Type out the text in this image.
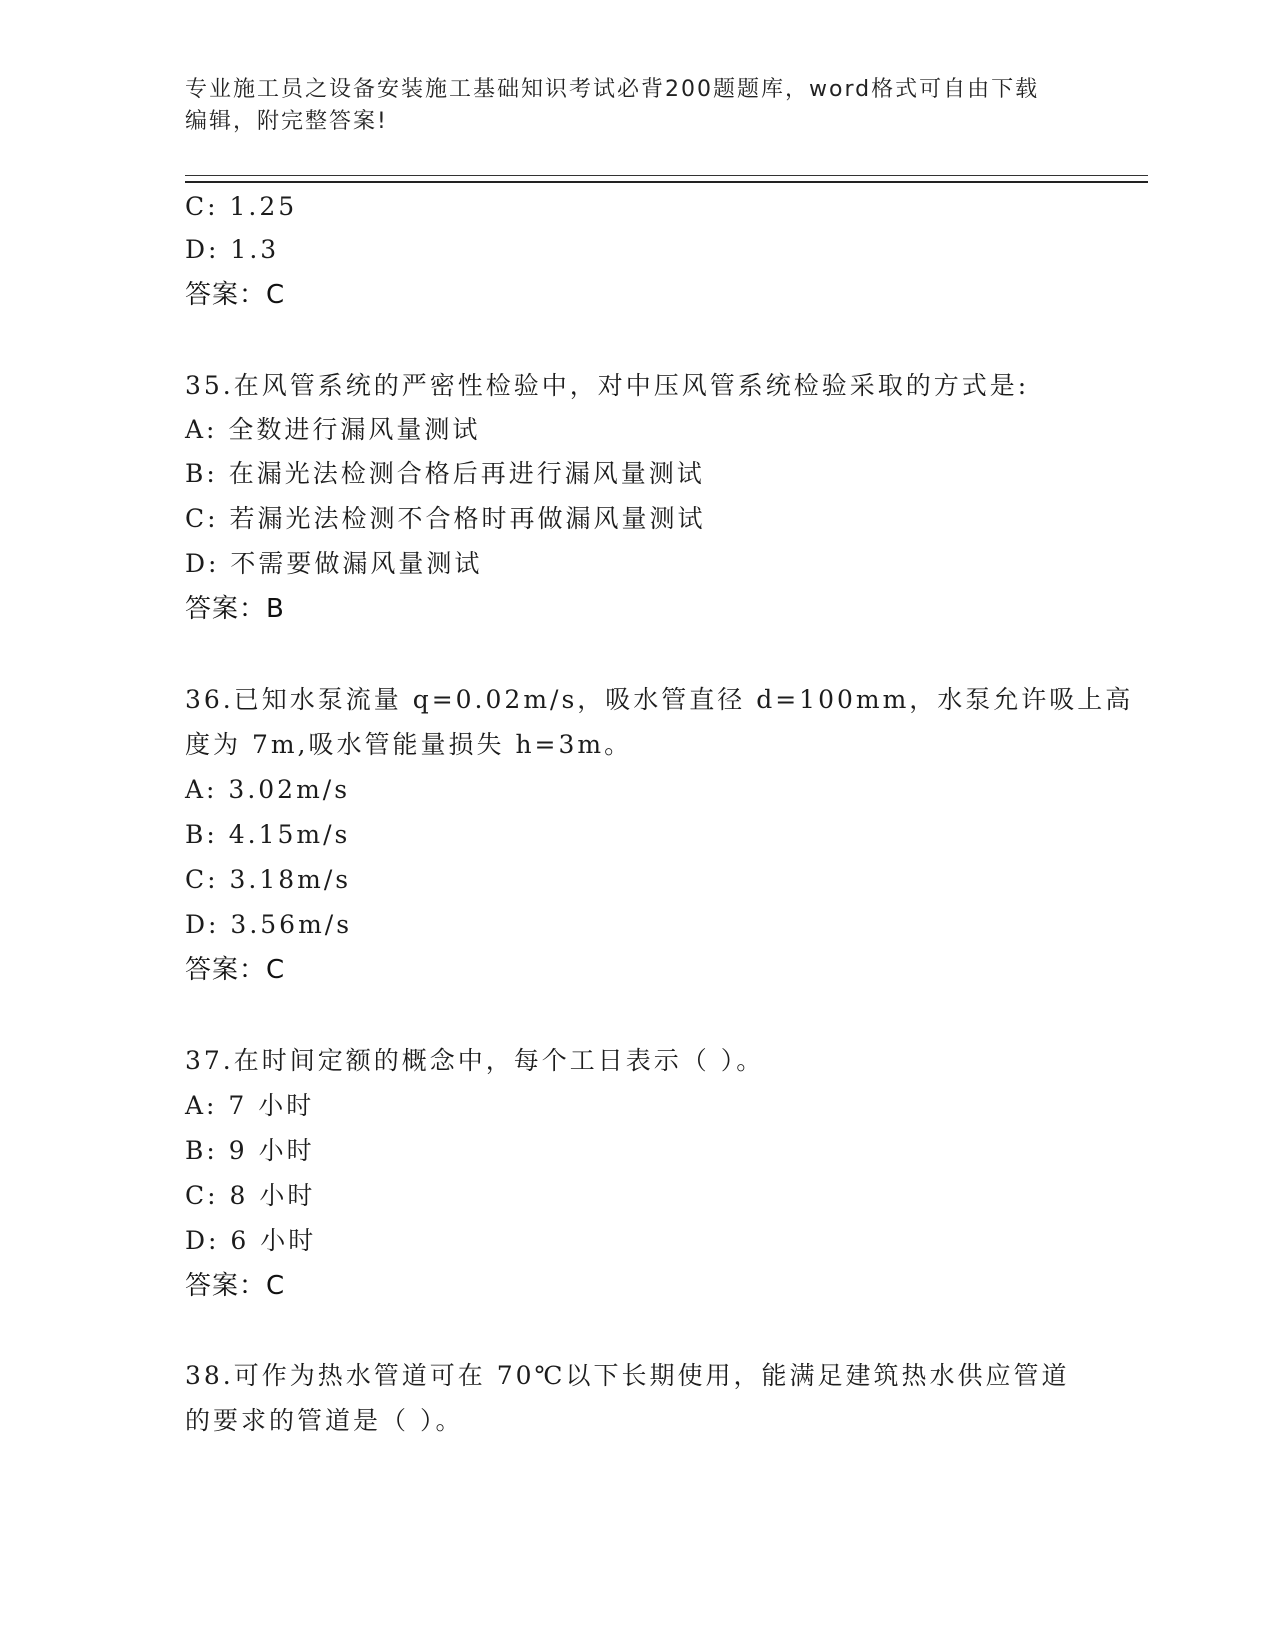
专业施工员之设备安装施工基础知识考试必背200题题库，word格式可自由下载
编辑，附完整答案!
C: 1.25
D: 1.3
答案：C
35.在风管系统的严密性检验中，对中压风管系统检验采取的方式是:
A: 全数进行漏风量测试
B: 在漏光法检测合格后再进行漏风量测试
C: 若漏光法检测不合格时再做漏风量测试
D: 不需要做漏风量测试
答案：B
36.已知水泵流量 q=0.02m/s，吸水管直径 d=100mm，水泵允许吸上高
度为 7m,吸水管能量损失 h=3m。
A: 3.02m/s
B: 4.15m/s
C: 3.18m/s
D: 3.56m/s
答案：C
37.在时间定额的概念中，每个工日表示（ ）。
A: 7 小时
B: 9 小时
C: 8 小时
D: 6 小时
答案：C
38.可作为热水管道可在 70℃以下长期使用，能满足建筑热水供应管道
的要求的管道是（ ）。
